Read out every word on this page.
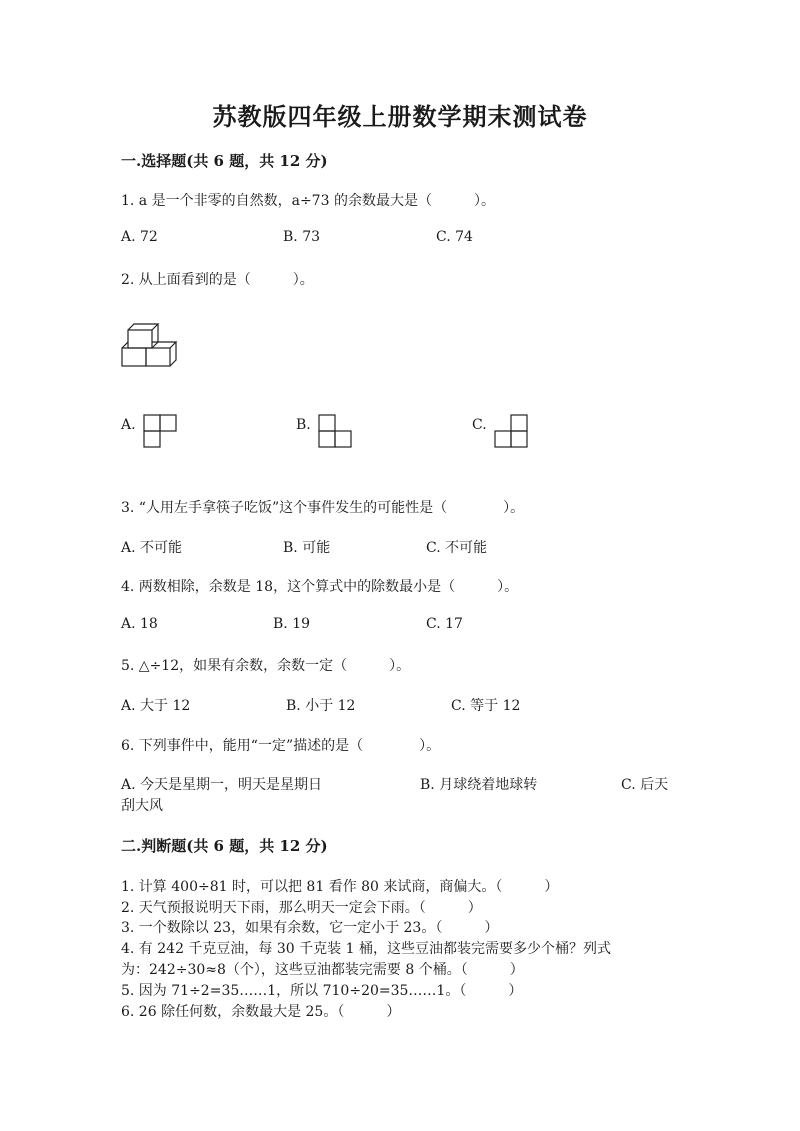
苏教版四年级上册数学期末测试卷
一.选择题(共 6 题，共 12 分)
1. a 是一个非零的自然数，a÷73 的余数最大是（　　　）。
A. 72	B. 73	C. 74
2. 从上面看到的是（　　　）。
A.	B.	C.
3. “人用左手拿筷子吃饭”这个事件发生的可能性是（　　　　）。
A. 不可能	B. 可能	C. 不可能
4. 两数相除，余数是 18，这个算式中的除数最小是（　　　）。
A. 18	B. 19	C. 17
5. △÷12，如果有余数，余数一定（　　　）。
A. 大于 12	B. 小于 12	C. 等于 12
6. 下列事件中，能用“一定”描述的是（　　　　）。
A. 今天是星期一，明天是星期日	B. 月球绕着地球转	C. 后天
刮大风
二.判断题(共 6 题，共 12 分)
1. 计算 400÷81 时，可以把 81 看作 80 来试商，商偏大。（　　　）
2. 天气预报说明天下雨，那么明天一定会下雨。（　　　）
3. 一个数除以 23，如果有余数，它一定小于 23。（　　　）
4. 有 242 千克豆油，每 30 千克装 1 桶，这些豆油都装完需要多少个桶？列式
为：242÷30≈8（个），这些豆油都装完需要 8 个桶。（　　　）
5. 因为 71÷2=35……1，所以 710÷20=35……1。（　　　）
6. 26 除任何数，余数最大是 25。（　　　）
